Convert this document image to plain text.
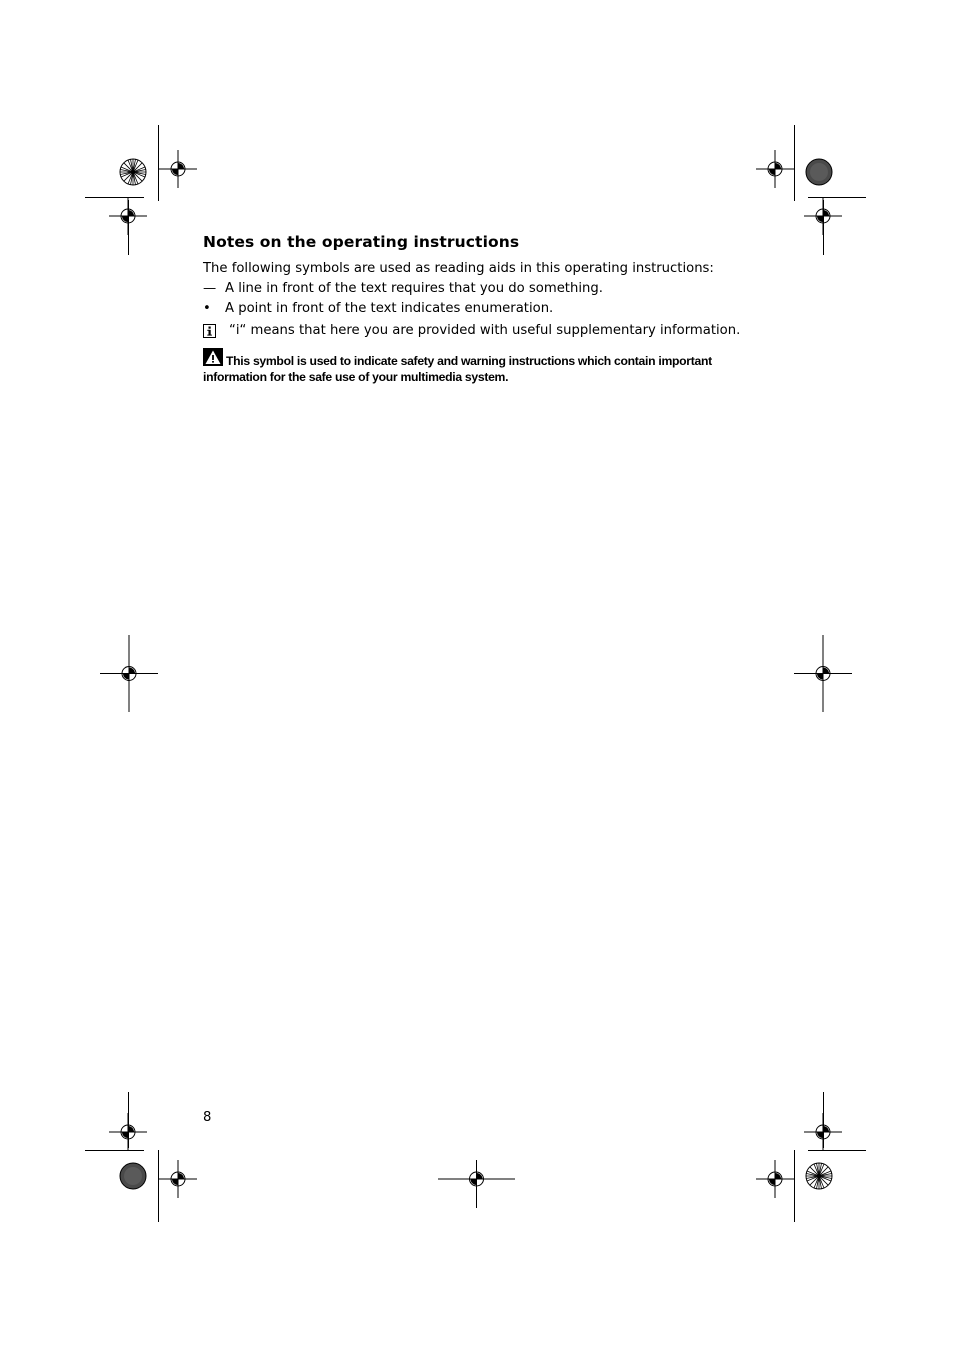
Notes on the operating instructions
The following symbols are used as reading aids in this operating instructions:
— A line in front of the text requires that you do something.
• A point in front of the text indicates enumeration.
“i“ means that here you are provided with useful supplementary information.
This symbol is used to indicate safety and warning instructions which contain important
information for the safe use of your multimedia system.
8
